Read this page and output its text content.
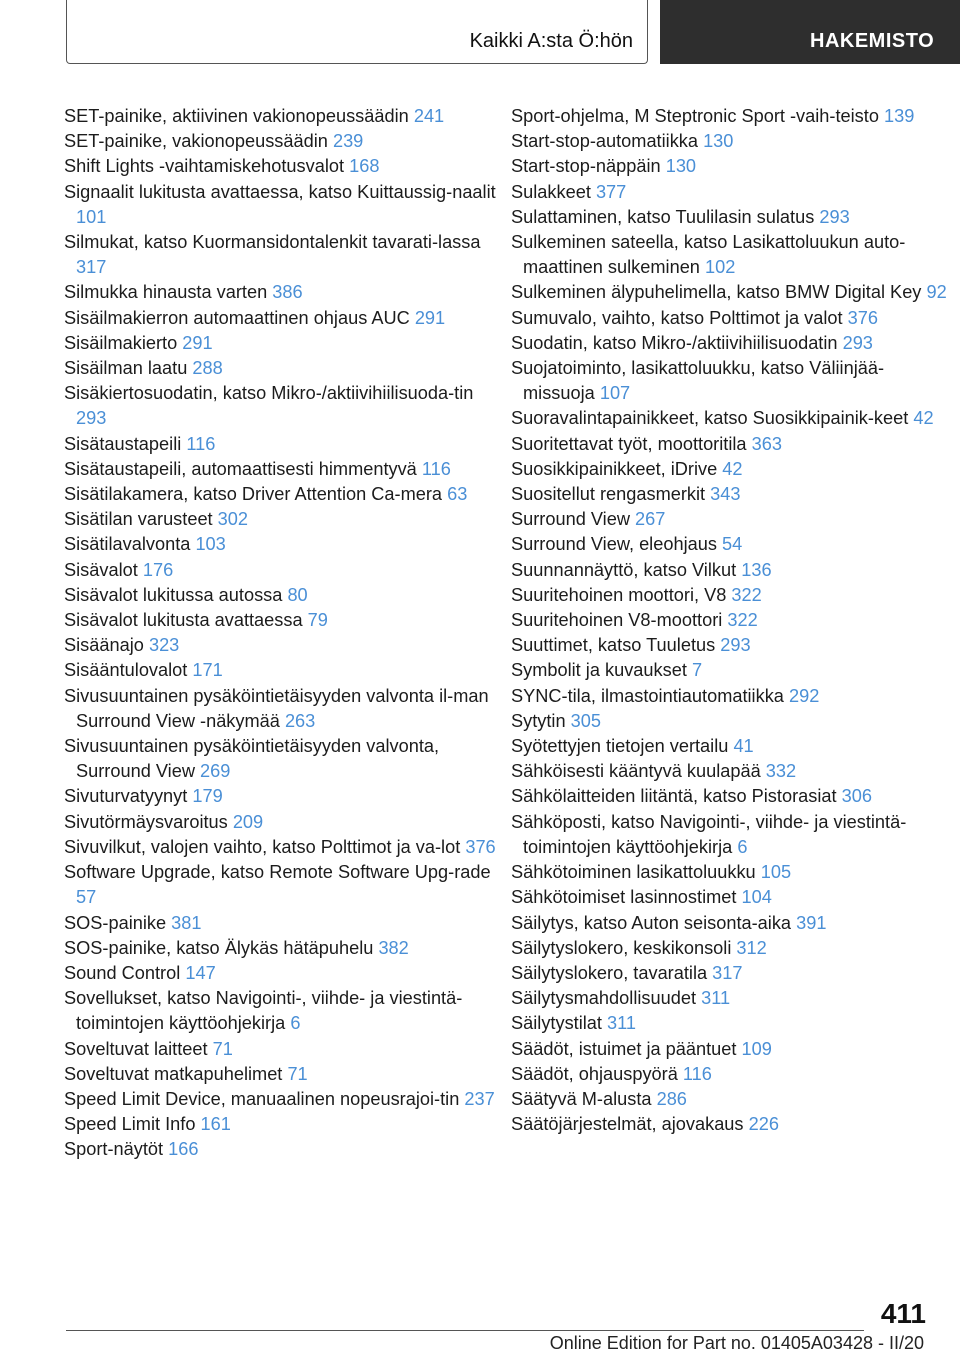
Kaikki A:sta Ö:hön	HAKEMISTO
SET-painike, aktiivinen vakionopeussäädin 241
SET-painike, vakionopeussäädin 239
Shift Lights -vaihtamiskehotusvalot 168
Signaalit lukitusta avattaessa, katso Kuittaussig-naalit 101
Silmukat, katso Kuormansidontalenkit tavarati-lassa 317
Silmukka hinausta varten 386
Sisäilmakierron automaattinen ohjaus AUC 291
Sisäilmakierto 291
Sisäilman laatu 288
Sisäkiertosuodatin, katso Mikro-/aktiivihiilisuoda-tin 293
Sisätaustapeili 116
Sisätaustapeili, automaattisesti himmentyvä 116
Sisätilakamera, katso Driver Attention Ca-mera 63
Sisätilan varusteet 302
Sisätilavalvonta 103
Sisävalot 176
Sisävalot lukitussa autossa 80
Sisävalot lukitusta avattaessa 79
Sisäänajo 323
Sisääntulovalot 171
Sivusuuntainen pysäköintietäisyyden valvonta il-man Surround View -näkymää 263
Sivusuuntainen pysäköintietäisyyden valvonta, Surround View 269
Sivuturvatyynyt 179
Sivutörmäysvaroitus 209
Sivuvilkut, valojen vaihto, katso Polttimot ja va-lot 376
Software Upgrade, katso Remote Software Upg-rade 57
SOS-painike 381
SOS-painike, katso Älykäs hätäpuhelu 382
Sound Control 147
Sovellukset, katso Navigointi-, viihde- ja viestintä-toimintojen käyttöohjekirja 6
Soveltuvat laitteet 71
Soveltuvat matkapuhelimet 71
Speed Limit Device, manuaalinen nopeusrajoi-tin 237
Speed Limit Info 161
Sport-näytöt 166
Sport-ohjelma, M Steptronic Sport -vaih-teisto 139
Start-stop-automatiikka 130
Start-stop-näppäin 130
Sulakkeet 377
Sulattaminen, katso Tuulilasin sulatus 293
Sulkeminen sateella, katso Lasikattoluukun auto-maattinen sulkeminen 102
Sulkeminen älypuhelimella, katso BMW Digital Key 92
Sumuvalo, vaihto, katso Polttimot ja valot 376
Suodatin, katso Mikro-/aktiivihiilisuodatin 293
Suojatoiminto, lasikattoluukku, katso Väliinjää-missuoja 107
Suoravalintapainikkeet, katso Suosikkipainik-keet 42
Suoritettavat työt, moottoritila 363
Suosikkipainikkeet, iDrive 42
Suositellut rengasmerkit 343
Surround View 267
Surround View, eleohjaus 54
Suunnannäyttö, katso Vilkut 136
Suuritehoinen moottori, V8 322
Suuritehoinen V8-moottori 322
Suuttimet, katso Tuuletus 293
Symbolit ja kuvaukset 7
SYNC-tila, ilmastointiautomatiikka 292
Sytytin 305
Syötettyjen tietojen vertailu 41
Sähköisesti kääntyvä kuulapää 332
Sähkölaitteiden liitäntä, katso Pistorasiat 306
Sähköposti, katso Navigointi-, viihde- ja viestintä-toimintojen käyttöohjekirja 6
Sähkötoiminen lasikattoluukku 105
Sähkötoimiset lasinnostimet 104
Säilytys, katso Auton seisonta-aika 391
Säilytyslokero, keskikonsoli 312
Säilytyslokero, tavaratila 317
Säilytysmahdollisuudet 311
Säilytystilat 311
Säädöt, istuimet ja pääntuet 109
Säädöt, ohjauspyörä 116
Säätyvä M-alusta 286
Säätöjärjestelmät, ajovakaus 226
411
Online Edition for Part no. 01405A03428 - II/20
